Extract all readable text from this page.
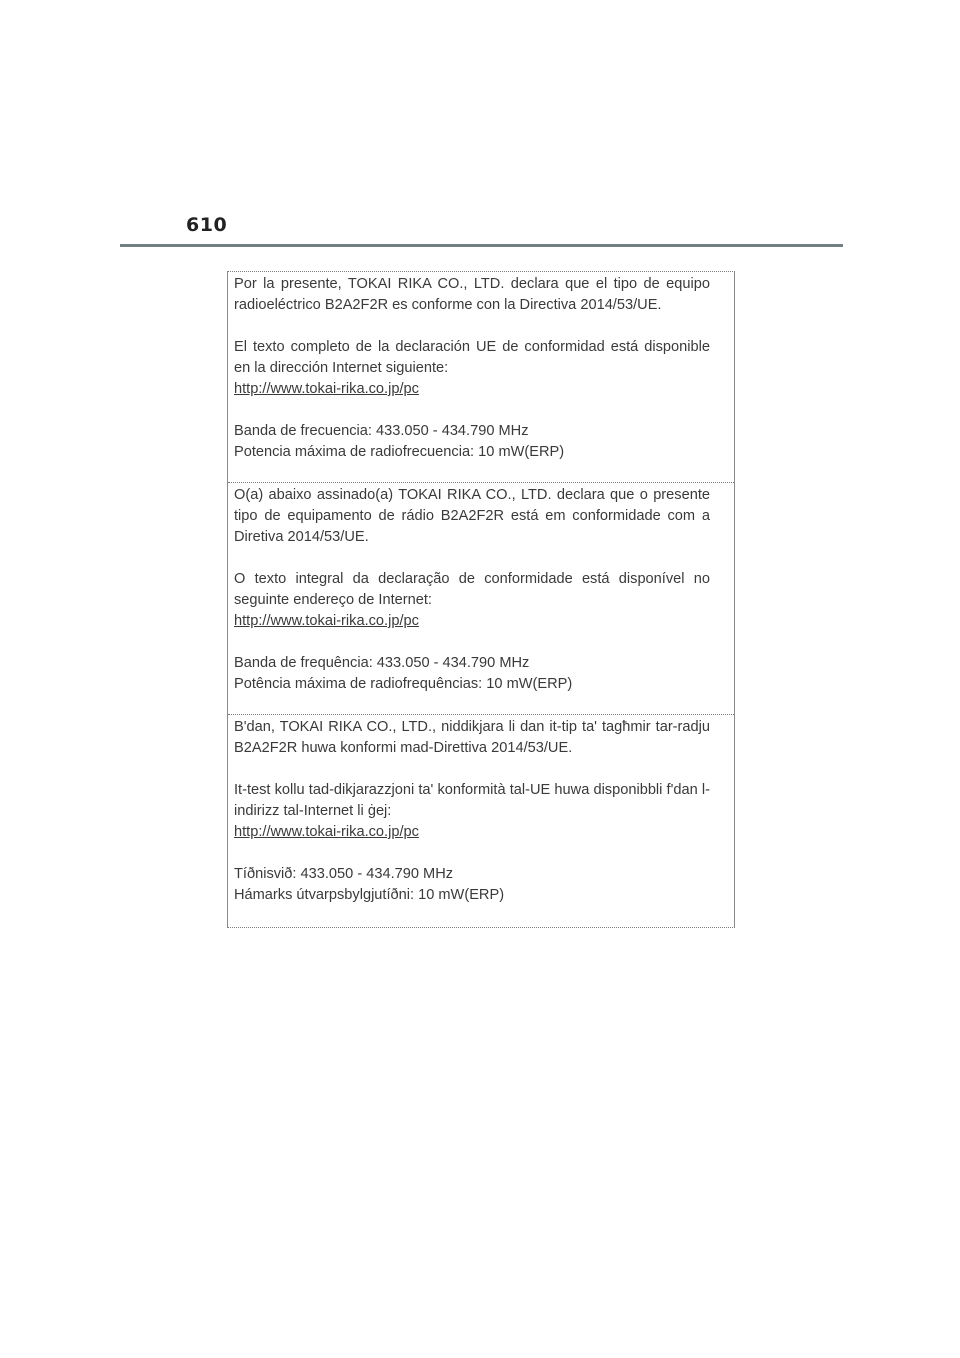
610

Por la presente, TOKAI RIKA CO., LTD. declara que el tipo de equipo radioeléctrico B2A2F2R es conforme con la Directiva 2014/53/UE.

El texto completo de la declaración UE de conformidad está disponible en la dirección Internet siguiente:
http://www.tokai-rika.co.jp/pc

Banda de frecuencia: 433.050 - 434.790 MHz
Potencia máxima de radiofrecuencia: 10 mW(ERP)

O(a) abaixo assinado(a) TOKAI RIKA CO., LTD. declara que o presente tipo de equipamento de rádio B2A2F2R está em conformidade com a Diretiva 2014/53/UE.

O texto integral da declaração de conformidade está disponível no seguinte endereço de Internet:
http://www.tokai-rika.co.jp/pc

Banda de frequência: 433.050 - 434.790 MHz
Potência máxima de radiofrequências: 10 mW(ERP)

B'dan, TOKAI RIKA CO., LTD., niddikjara li dan it-tip ta' tagħmir tar-radju B2A2F2R huwa konformi mad-Direttiva 2014/53/UE.

It-test kollu tad-dikjarazzjoni ta' konformità tal-UE huwa disponibbli f'dan l-indirizz tal-Internet li ġej:
http://www.tokai-rika.co.jp/pc

Tíðnisvið: 433.050 - 434.790 MHz
Hámarks útvarpsbylgjutíðni: 10 mW(ERP)
